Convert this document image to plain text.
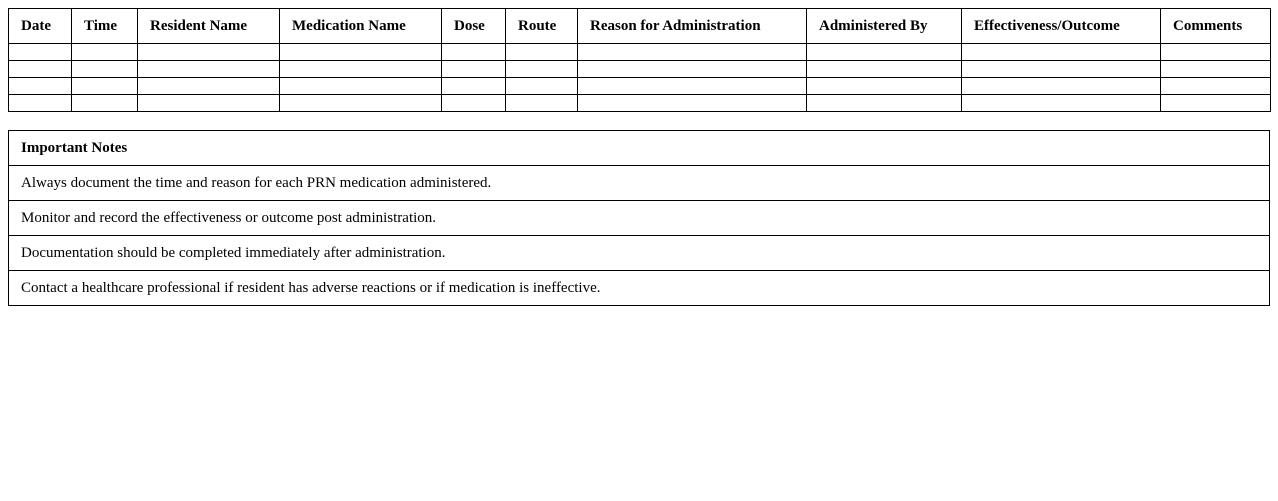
Date	Time	Resident Name	Medication Name	Dose	Route	Reason for Administration	Administered By	Effectiveness/Outcome	Comments

Important Notes
Always document the time and reason for each PRN medication administered.
Monitor and record the effectiveness or outcome post administration.
Documentation should be completed immediately after administration.
Contact a healthcare professional if resident has adverse reactions or if medication is ineffective.
